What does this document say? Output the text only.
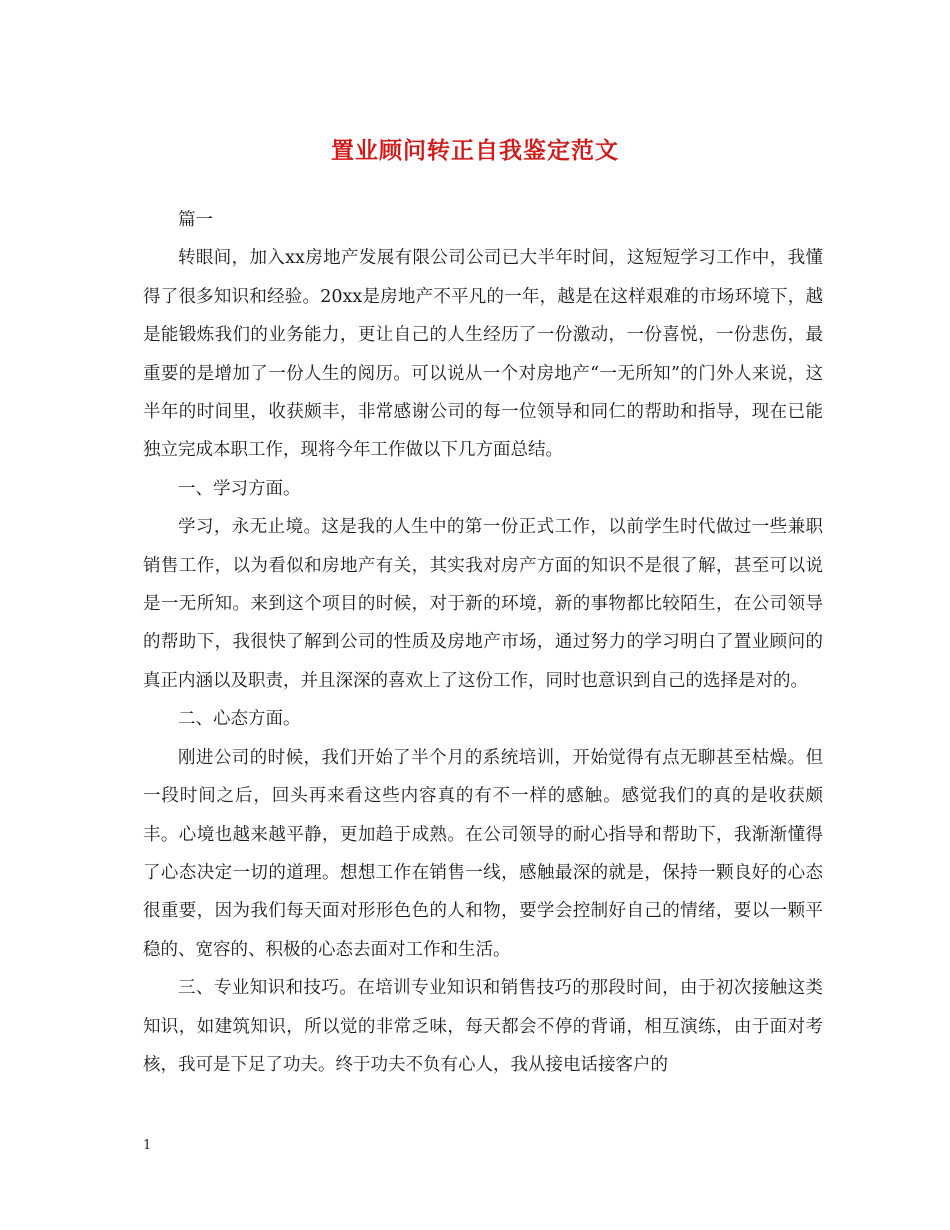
置业顾问转正自我鉴定范文

篇一

转眼间，加入xx房地产发展有限公司公司已大半年时间，这短短学习工作中，我懂得了很多知识和经验。20xx是房地产不平凡的一年，越是在这样艰难的市场环境下，越是能锻炼我们的业务能力，更让自己的人生经历了一份激动，一份喜悦，一份悲伤，最重要的是增加了一份人生的阅历。可以说从一个对房地产“一无所知”的门外人来说，这半年的时间里，收获颇丰，非常感谢公司的每一位领导和同仁的帮助和指导，现在已能独立完成本职工作，现将今年工作做以下几方面总结。

一、学习方面。

学习，永无止境。这是我的人生中的第一份正式工作，以前学生时代做过一些兼职销售工作，以为看似和房地产有关，其实我对房产方面的知识不是很了解，甚至可以说是一无所知。来到这个项目的时候，对于新的环境，新的事物都比较陌生，在公司领导的帮助下，我很快了解到公司的性质及房地产市场，通过努力的学习明白了置业顾问的真正内涵以及职责，并且深深的喜欢上了这份工作，同时也意识到自己的选择是对的。

二、心态方面。

刚进公司的时候，我们开始了半个月的系统培训，开始觉得有点无聊甚至枯燥。但一段时间之后，回头再来看这些内容真的有不一样的感触。感觉我们的真的是收获颇丰。心境也越来越平静，更加趋于成熟。在公司领导的耐心指导和帮助下，我渐渐懂得了心态决定一切的道理。想想工作在销售一线，感触最深的就是，保持一颗良好的心态很重要，因为我们每天面对形形色色的人和物，要学会控制好自己的情绪，要以一颗平稳的、宽容的、积极的心态去面对工作和生活。

三、专业知识和技巧。在培训专业知识和销售技巧的那段时间，由于初次接触这类知识，如建筑知识，所以觉的非常乏味，每天都会不停的背诵，相互演练，由于面对考核，我可是下足了功夫。终于功夫不负有心人，我从接电话接客户的

1
